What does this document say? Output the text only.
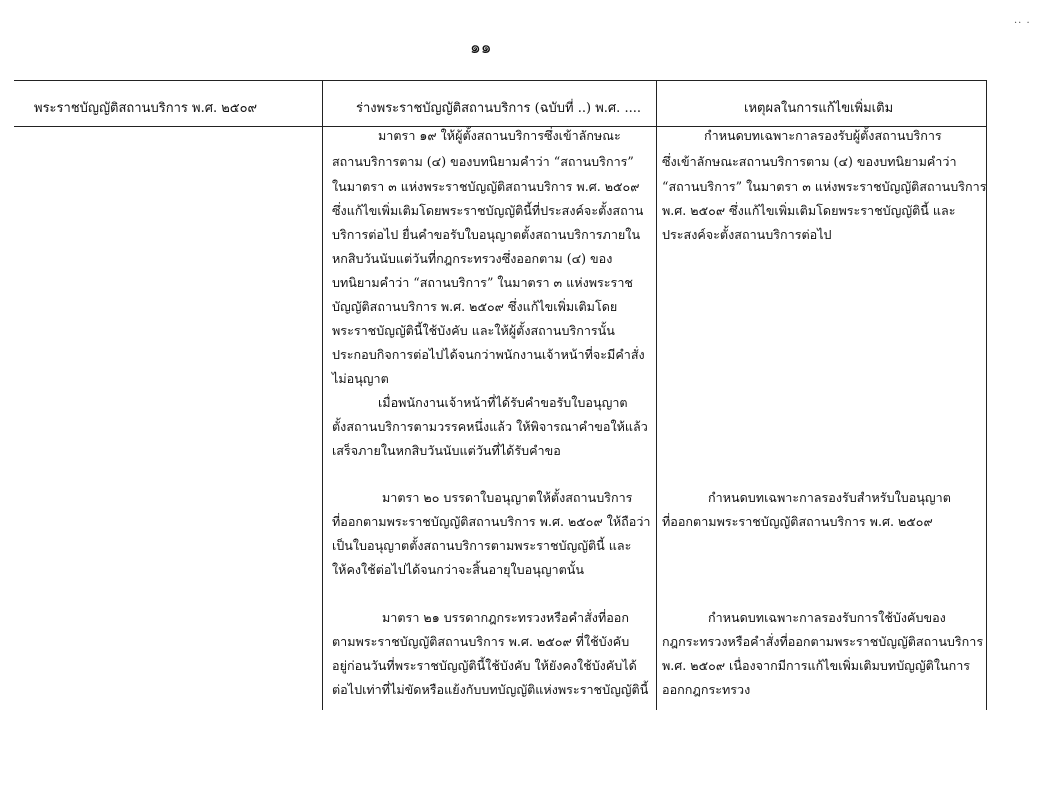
๑๑
·· ·
พระราชบัญญัติสถานบริการ พ.ศ. ๒๕๐๙	ร่างพระราชบัญญัติสถานบริการ (ฉบับที่ ..) พ.ศ. ....	เหตุผลในการแก้ไขเพิ่มเติม
มาตรา ๑๙ ให้ผู้ตั้งสถานบริการซึ่งเข้าลักษณะ
สถานบริการตาม (๔) ของบทนิยามคำว่า “สถานบริการ”
ในมาตรา ๓ แห่งพระราชบัญญัติสถานบริการ พ.ศ. ๒๕๐๙
ซึ่งแก้ไขเพิ่มเติมโดยพระราชบัญญัตินี้ที่ประสงค์จะตั้งสถาน
บริการต่อไป ยื่นคำขอรับใบอนุญาตตั้งสถานบริการภายใน
หกสิบวันนับแต่วันที่กฎกระทรวงซึ่งออกตาม (๔) ของ
บทนิยามคำว่า “สถานบริการ” ในมาตรา ๓ แห่งพระราช
บัญญัติสถานบริการ พ.ศ. ๒๕๐๙ ซึ่งแก้ไขเพิ่มเติมโดย
พระราชบัญญัตินี้ใช้บังคับ และให้ผู้ตั้งสถานบริการนั้น
ประกอบกิจการต่อไปได้จนกว่าพนักงานเจ้าหน้าที่จะมีคำสั่ง
ไม่อนุญาต
เมื่อพนักงานเจ้าหน้าที่ได้รับคำขอรับใบอนุญาต
ตั้งสถานบริการตามวรรคหนึ่งแล้ว ให้พิจารณาคำขอให้แล้ว
เสร็จภายในหกสิบวันนับแต่วันที่ได้รับคำขอ
มาตรา ๒๐ บรรดาใบอนุญาตให้ตั้งสถานบริการ
ที่ออกตามพระราชบัญญัติสถานบริการ พ.ศ. ๒๕๐๙ ให้ถือว่า
เป็นใบอนุญาตตั้งสถานบริการตามพระราชบัญญัตินี้ และ
ให้คงใช้ต่อไปได้จนกว่าจะสิ้นอายุใบอนุญาตนั้น
มาตรา ๒๑ บรรดากฎกระทรวงหรือคำสั่งที่ออก
ตามพระราชบัญญัติสถานบริการ พ.ศ. ๒๕๐๙ ที่ใช้บังคับ
อยู่ก่อนวันที่พระราชบัญญัตินี้ใช้บังคับ ให้ยังคงใช้บังคับได้
ต่อไปเท่าที่ไม่ขัดหรือแย้งกับบทบัญญัติแห่งพระราชบัญญัตินี้
กำหนดบทเฉพาะกาลรองรับผู้ตั้งสถานบริการ
ซึ่งเข้าลักษณะสถานบริการตาม (๔) ของบทนิยามคำว่า
“สถานบริการ” ในมาตรา ๓ แห่งพระราชบัญญัติสถานบริการ
พ.ศ. ๒๕๐๙ ซึ่งแก้ไขเพิ่มเติมโดยพระราชบัญญัตินี้ และ
ประสงค์จะตั้งสถานบริการต่อไป
กำหนดบทเฉพาะกาลรองรับสำหรับใบอนุญาต
ที่ออกตามพระราชบัญญัติสถานบริการ พ.ศ. ๒๕๐๙
กำหนดบทเฉพาะกาลรองรับการใช้บังคับของ
กฎกระทรวงหรือคำสั่งที่ออกตามพระราชบัญญัติสถานบริการ
พ.ศ. ๒๕๐๙ เนื่องจากมีการแก้ไขเพิ่มเติมบทบัญญัติในการ
ออกกฎกระทรวง
